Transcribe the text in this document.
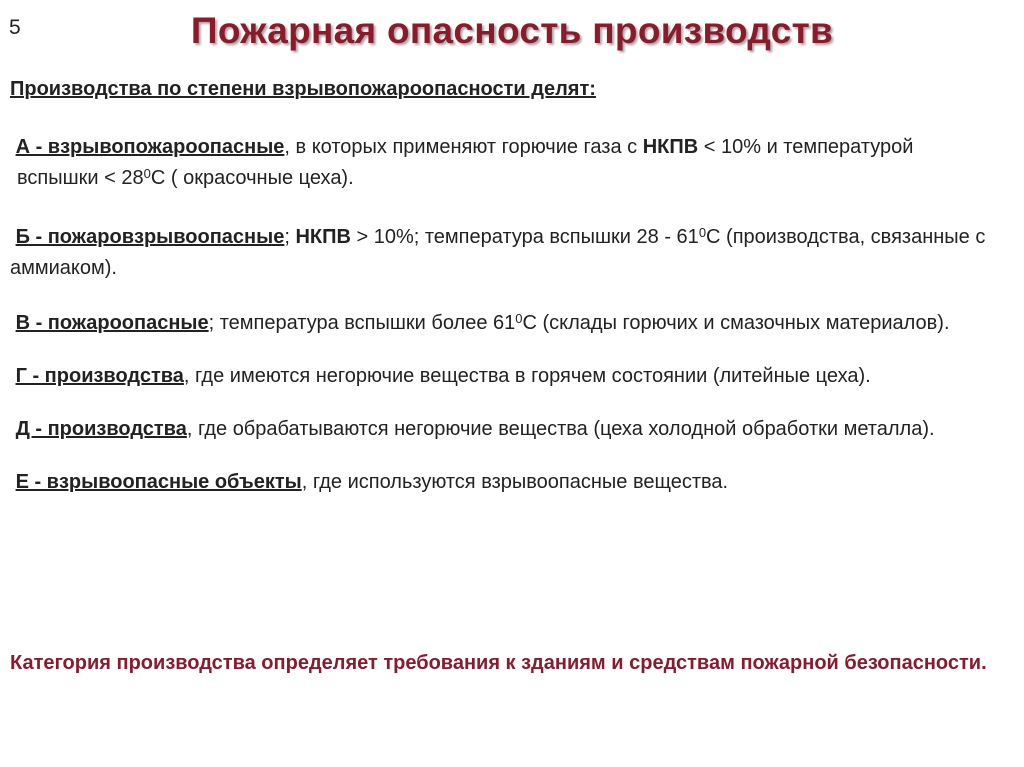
5	Пожарная опасность производств

Производства по степени взрывопожароопасности делят:

А - взрывопожароопасные, в которых применяют горючие газа с НКПВ < 10% и температурой вспышки < $28^0С$ ( окрасочные цеха).

Б - пожаровзрывоопасные; НКПВ > 10%; температура вспышки $28 - 61^0С$ (производства, связанные с аммиаком).

В - пожароопасные; температура вспышки более $61^0С$ (склады горючих и смазочных материалов).

Г - производства, где имеются негорючие вещества в горячем состоянии (литейные цеха).

Д - производства, где обрабатываются негорючие вещества (цеха холодной обработки металла).

Е - взрывоопасные объекты, где используются взрывоопасные вещества.

Категория производства определяет требования к зданиям и средствам пожарной безопасности.
